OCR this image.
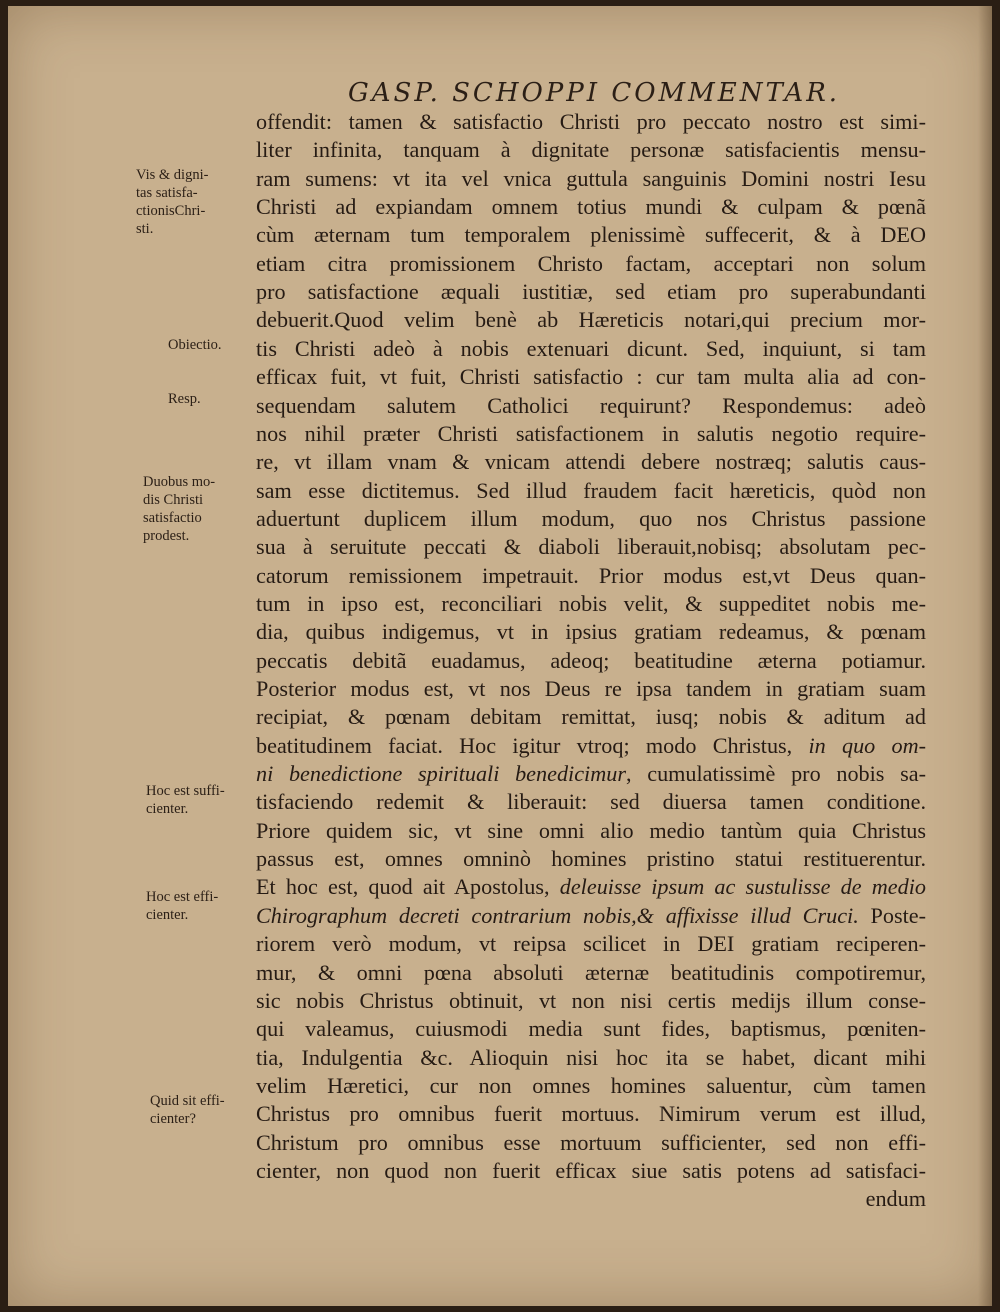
GASP. SCHOPPI COMMENTAR.
offendit: tamen & satisfactio Christi pro peccato nostro est simi-
liter infinita, tanquam à dignitate personæ satisfacientis mensu-
ram sumens: vt ita vel vnica guttula sanguinis Domini nostri Iesu
Christi ad expiandam omnem totius mundi & culpam & pœnã
cùm æternam tum temporalem plenissimè suffecerit, & à DEO
etiam citra promissionem Christo factam, acceptari non solum
pro satisfactione æquali iustitiæ, sed etiam pro superabundanti
debuerit.Quod velim benè ab Hæreticis notari,qui precium mor-
tis Christi adeò à nobis extenuari dicunt. Sed, inquiunt, si tam
efficax fuit, vt fuit, Christi satisfactio : cur tam multa alia ad con-
sequendam salutem Catholici requirunt? Respondemus: adeò
nos nihil præter Christi satisfactionem in salutis negotio require-
re, vt illam vnam & vnicam attendi debere nostræq; salutis caus-
sam esse dictitemus. Sed illud fraudem facit hæreticis, quòd non
aduertunt duplicem illum modum, quo nos Christus passione
sua à seruitute peccati & diaboli liberauit,nobisq; absolutam pec-
catorum remissionem impetrauit. Prior modus est,vt Deus quan-
tum in ipso est, reconciliari nobis velit, & suppeditet nobis me-
dia, quibus indigemus, vt in ipsius gratiam redeamus, & pœnam
peccatis debitã euadamus, adeoq; beatitudine æterna potiamur.
Posterior modus est, vt nos Deus re ipsa tandem in gratiam suam
recipiat, & pœnam debitam remittat, iusq; nobis & aditum ad
beatitudinem faciat. Hoc igitur vtroq; modo Christus, in quo om-
ni benedictione spirituali benedicimur, cumulatissimè pro nobis sa-
tisfaciendo redemit & liberauit: sed diuersa tamen conditione.
Priore quidem sic, vt sine omni alio medio tantùm quia Christus
passus est, omnes omninò homines pristino statui restituerentur.
Et hoc est, quod ait Apostolus, deleuisse ipsum ac sustulisse de medio
Chirographum decreti contrarium nobis,& affixisse illud Cruci. Poste-
riorem verò modum, vt reipsa scilicet in DEI gratiam reciperen-
mur, & omni pœna absoluti æternæ beatitudinis compotiremur,
sic nobis Christus obtinuit, vt non nisi certis medijs illum conse-
qui valeamus, cuiusmodi media sunt fides, baptismus, pœniten-
tia, Indulgentia &c. Alioquin nisi hoc ita se habet, dicant mihi
velim Hæretici, cur non omnes homines saluentur, cùm tamen
Christus pro omnibus fuerit mortuus. Nimirum verum est illud,
Christum pro omnibus esse mortuum sufficienter, sed non effi-
cienter, non quod non fuerit efficax siue satis potens ad satisfaci-
endum
Vis & digni-
tas satisfa-
ctionisChri-
sti.
Obiectio.
Resp.
Duobus mo-
dis Christi
satisfactio
prodest.
Hoc est suffi-
cienter.
Hoc est effi-
cienter.
Quid sit effi-
cienter?
